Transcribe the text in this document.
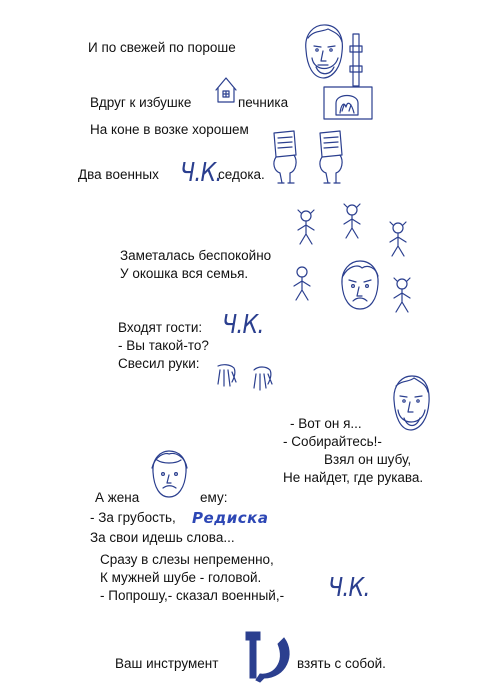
И по свежей по пороше
Вдруг к избушке	печника
На коне в возке хорошем
Два военных	седока.
Заметалась беспокойно
У окошка вся семья.
Входят гости:
- Вы такой-то?
Свесил руки:
- Вот он я...
- Собирайтесь!-
Взял он шубу,
Не найдет, где рукава.
А жена	ему:
- За грубость,
За свои идешь слова...
Сразу в слезы непременно,
К мужней шубе - головой.
- Попрошу,- сказал военный,-
Ваш инструмент	взять с собой.
Ч.К.
Ч.К.
Ч.К.
Редиска
